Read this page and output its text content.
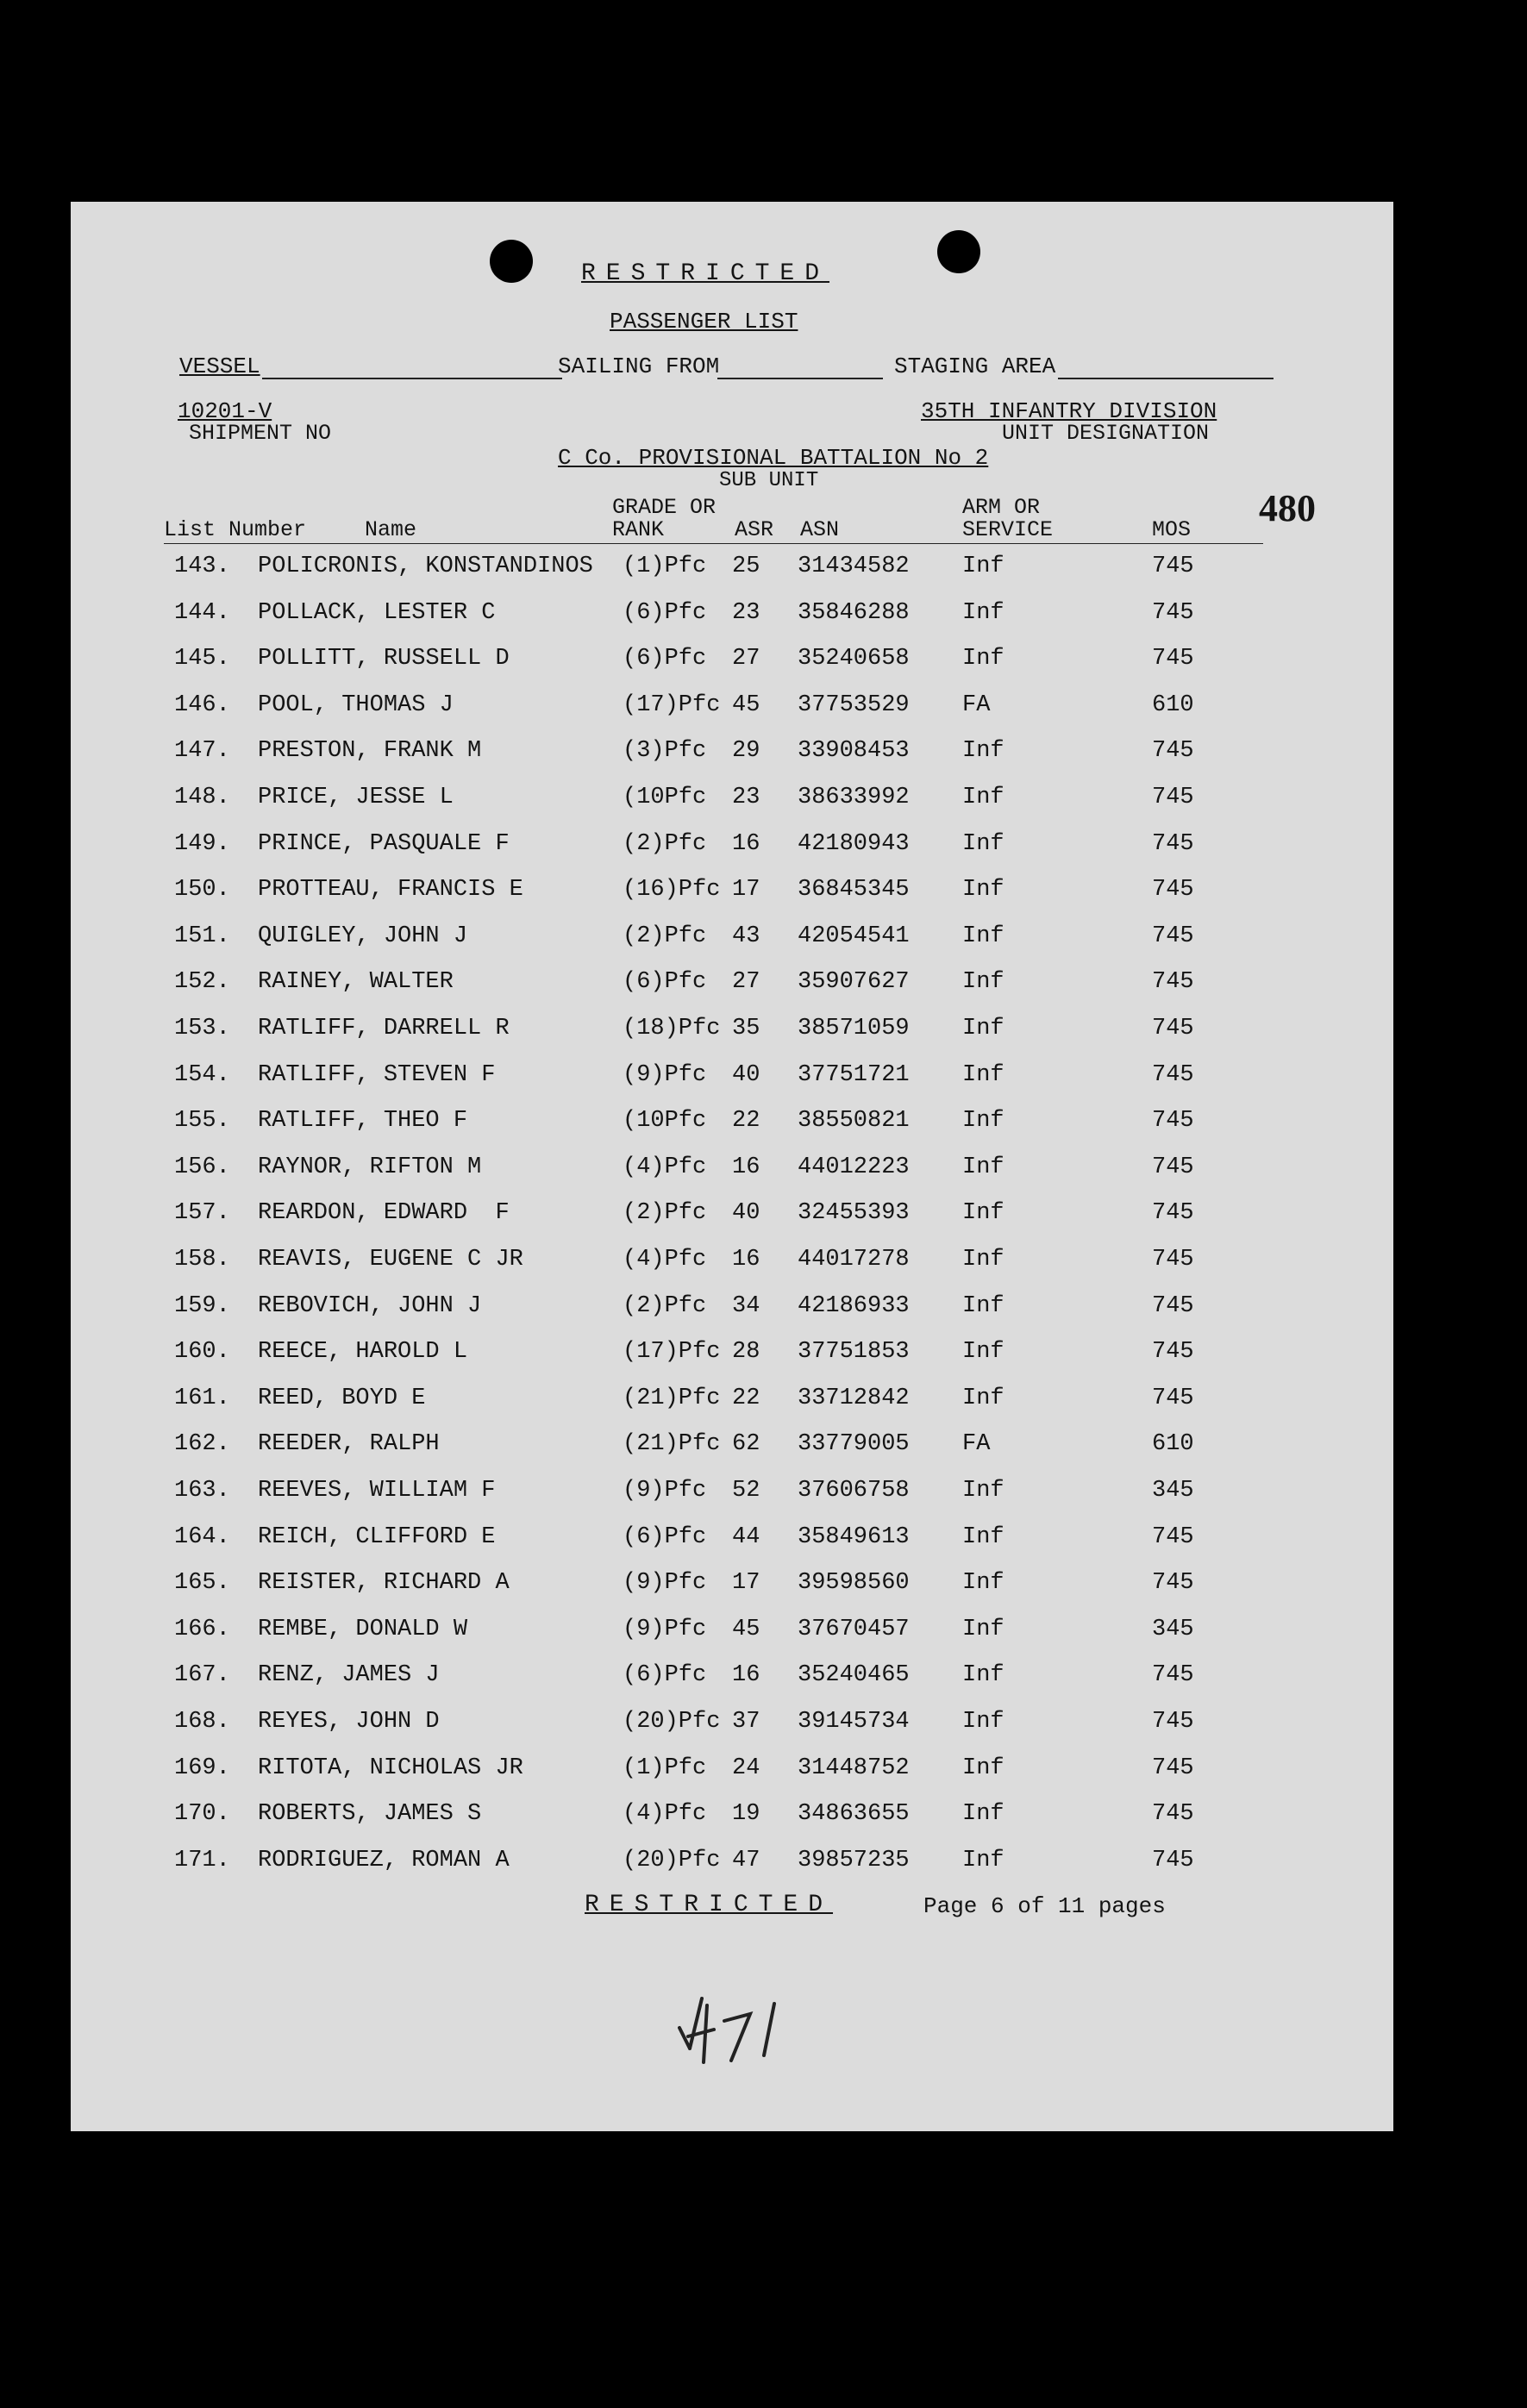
RESTRICTED
PASSENGER LIST
VESSEL	SAILING FROM	STAGING AREA
10201-V
SHIPMENT NO
35TH INFANTRY DIVISION
UNIT DESIGNATION
C Co. PROVISIONAL BATTALION No 2
SUB UNIT
480
List Number	Name
GRADE OR
RANK	ASR ASN
ARM OR
SERVICE	MOS
143. POLICRONIS, KONSTANDINOS (1)Pfc 25 31434582 Inf	745
144. POLLACK, LESTER C	(6)Pfc 23 35846288 Inf	745
145. POLLITT, RUSSELL D	(6)Pfc 27 35240658 Inf	745
146. POOL, THOMAS J	(17)Pfc 45 37753529 FA	610
147. PRESTON, FRANK M	(3)Pfc 29 33908453 Inf	745
148. PRICE, JESSE L	(10Pfc 23 38633992 Inf	745
149. PRINCE, PASQUALE F	(2)Pfc 16 42180943 Inf	745
150. PROTTEAU, FRANCIS E	(16)Pfc 17 36845345 Inf	745
151. QUIGLEY, JOHN J	(2)Pfc 43 42054541 Inf	745
152. RAINEY, WALTER	(6)Pfc 27 35907627 Inf	745
153. RATLIFF, DARRELL R	(18)Pfc 35 38571059 Inf	745
154. RATLIFF, STEVEN F	(9)Pfc 40 37751721 Inf	745
155. RATLIFF, THEO F	(10Pfc 22 38550821 Inf	745
156. RAYNOR, RIFTON M	(4)Pfc 16 44012223 Inf	745
157. REARDON, EDWARD  F	(2)Pfc 40 32455393 Inf	745
158. REAVIS, EUGENE C JR	(4)Pfc 16 44017278 Inf	745
159. REBOVICH, JOHN J	(2)Pfc 34 42186933 Inf	745
160. REECE, HAROLD L	(17)Pfc 28 37751853 Inf	745
161. REED, BOYD E	(21)Pfc 22 33712842 Inf	745
162. REEDER, RALPH	(21)Pfc 62 33779005 FA	610
163. REEVES, WILLIAM F	(9)Pfc 52 37606758 Inf	345
164. REICH, CLIFFORD E	(6)Pfc 44 35849613 Inf	745
165. REISTER, RICHARD A	(9)Pfc 17 39598560 Inf	745
166. REMBE, DONALD W	(9)Pfc 45 37670457 Inf	345
167. RENZ, JAMES J	(6)Pfc 16 35240465 Inf	745
168. REYES, JOHN D	(20)Pfc 37 39145734 Inf	745
169. RITOTA, NICHOLAS JR	(1)Pfc 24 31448752 Inf	745
170. ROBERTS, JAMES S	(4)Pfc 19 34863655 Inf	745
171. RODRIGUEZ, ROMAN A	(20)Pfc 47 39857235 Inf	745
RESTRICTED	Page 6 of 11 pages
